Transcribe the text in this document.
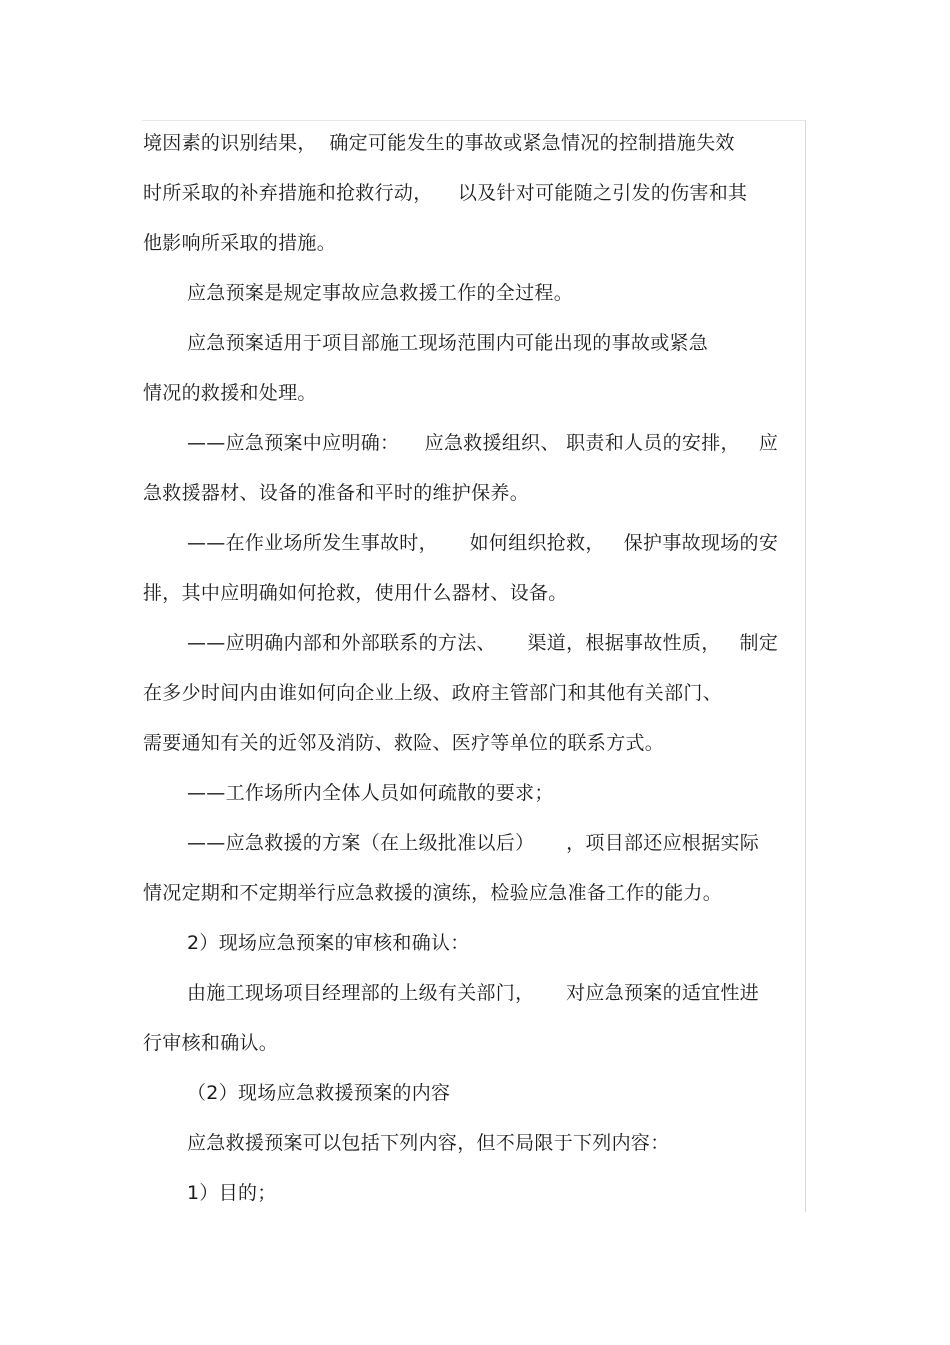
境因素的识别结果，  确定可能发生的事故或紧急情况的控制措施失效
时所采取的补弃措施和抢救行动，    以及针对可能随之引发的伤害和其
他影响所采取的措施。
应急预案是规定事故应急救援工作的全过程。
应急预案适用于项目部施工现场范围内可能出现的事故或紧急
情况的救援和处理。
——应急预案中应明确：    应急救援组织、 职责和人员的安排，   应
急救援器材、设备的准备和平时的维护保养。
——在作业场所发生事故时，     如何组织抢救，   保护事故现场的安
排，其中应明确如何抢救，使用什么器材、设备。
——应明确内部和外部联系的方法、     渠道，根据事故性质，   制定
在多少时间内由谁如何向企业上级、政府主管部门和其他有关部门、
需要通知有关的近邻及消防、救险、医疗等单位的联系方式。
——工作场所内全体人员如何疏散的要求；
——应急救援的方案（在上级批准以后）     ，项目部还应根据实际
情况定期和不定期举行应急救援的演练，检验应急准备工作的能力。
2）现场应急预案的审核和确认：
由施工现场项目经理部的上级有关部门，     对应急预案的适宜性进
行审核和确认。
（2）现场应急救援预案的内容
应急救援预案可以包括下列内容，但不局限于下列内容：
1）目的；
